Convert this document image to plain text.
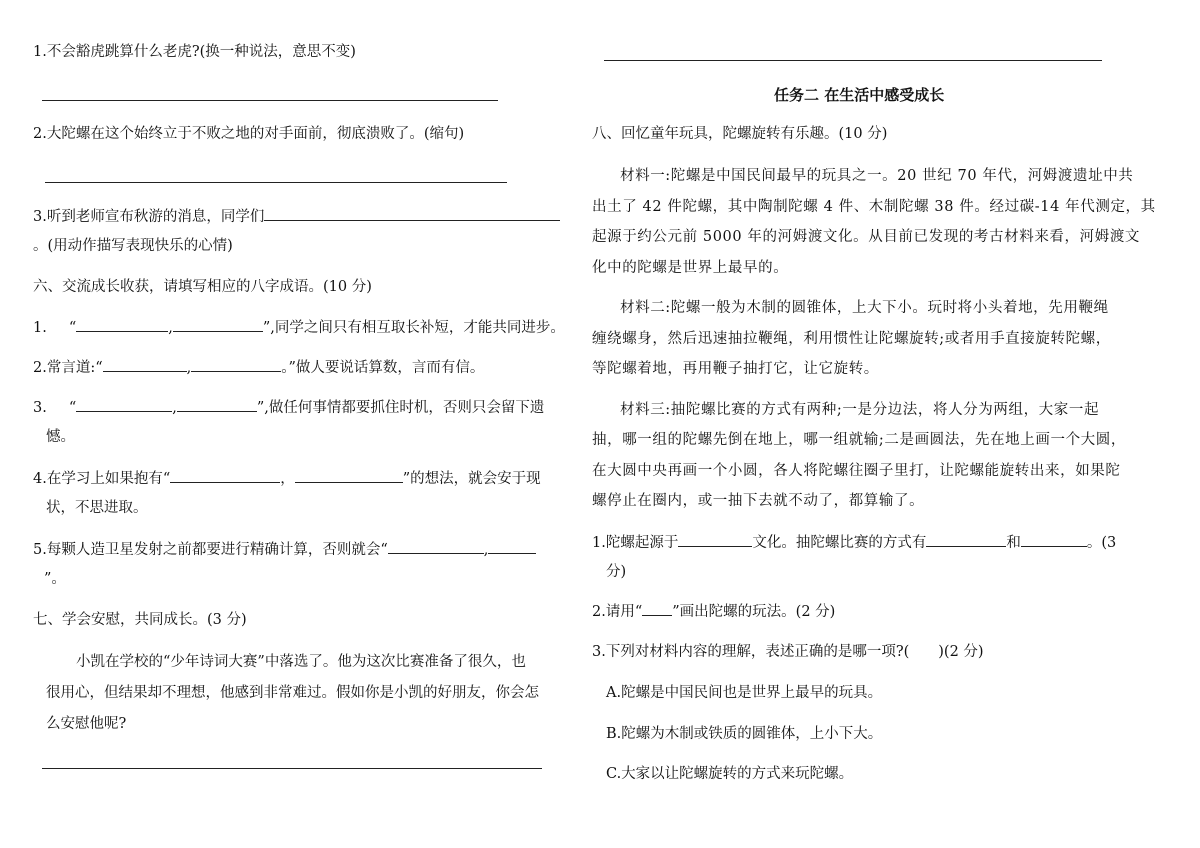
1.不会豁虎跳算什么老虎?(换一种说法，意思不变)
2.大陀螺在这个始终立于不败之地的对手面前，彻底溃败了。(缩句)
3.听到老师宣布秋游的消息，同学们
。(用动作描写表现快乐的心情)
六、交流成长收获，请填写相应的八字成语。(10 分)
1. “	,	”,同学之间只有相互取长补短，才能共同进步。
2.常言道:“	,	。”做人要说话算数，言而有信。
3. “	,	”,做任何事情都要抓住时机，否则只会留下遗
憾。
4.在学习上如果抱有“	，	”的想法，就会安于现
状，不思进取。
5.每颗人造卫星发射之前都要进行精确计算，否则就会“	,
”。
七、学会安慰，共同成长。(3 分)
小凯在学校的“少年诗词大赛”中落选了。他为这次比赛准备了很久，也
很用心，但结果却不理想，他感到非常难过。假如你是小凯的好朋友，你会怎
么安慰他呢?
任务二 在生活中感受成长
八、回忆童年玩具，陀螺旋转有乐趣。(10 分)
材料一:陀螺是中国民间最早的玩具之一。20 世纪 70 年代，河姆渡遗址中共
出土了 42 件陀螺，其中陶制陀螺 4 件、木制陀螺 38 件。经过碳-14 年代测定，其
起源于约公元前 5000 年的河姆渡文化。从目前已发现的考古材料来看，河姆渡文
化中的陀螺是世界上最早的。
材料二:陀螺一般为木制的圆锥体，上大下小。玩时将小头着地，先用鞭绳
缠绕螺身，然后迅速抽拉鞭绳，利用惯性让陀螺旋转;或者用手直接旋转陀螺，
等陀螺着地，再用鞭子抽打它，让它旋转。
材料三:抽陀螺比赛的方式有两种;一是分边法，将人分为两组，大家一起
抽，哪一组的陀螺先倒在地上，哪一组就输;二是画圆法，先在地上画一个大圆，
在大圆中央再画一个小圆，各人将陀螺往圈子里打，让陀螺能旋转出来，如果陀
螺停止在圈内，或一抽下去就不动了，都算输了。
1.陀螺起源于	文化。抽陀螺比赛的方式有	和	。(3
分)
2.请用“ ”画出陀螺的玩法。(2 分)
3.下列对材料内容的理解，表述正确的是哪一项?(　　)(2 分)
A.陀螺是中国民间也是世界上最早的玩具。
B.陀螺为木制或铁质的圆锥体，上小下大。
C.大家以让陀螺旋转的方式来玩陀螺。
